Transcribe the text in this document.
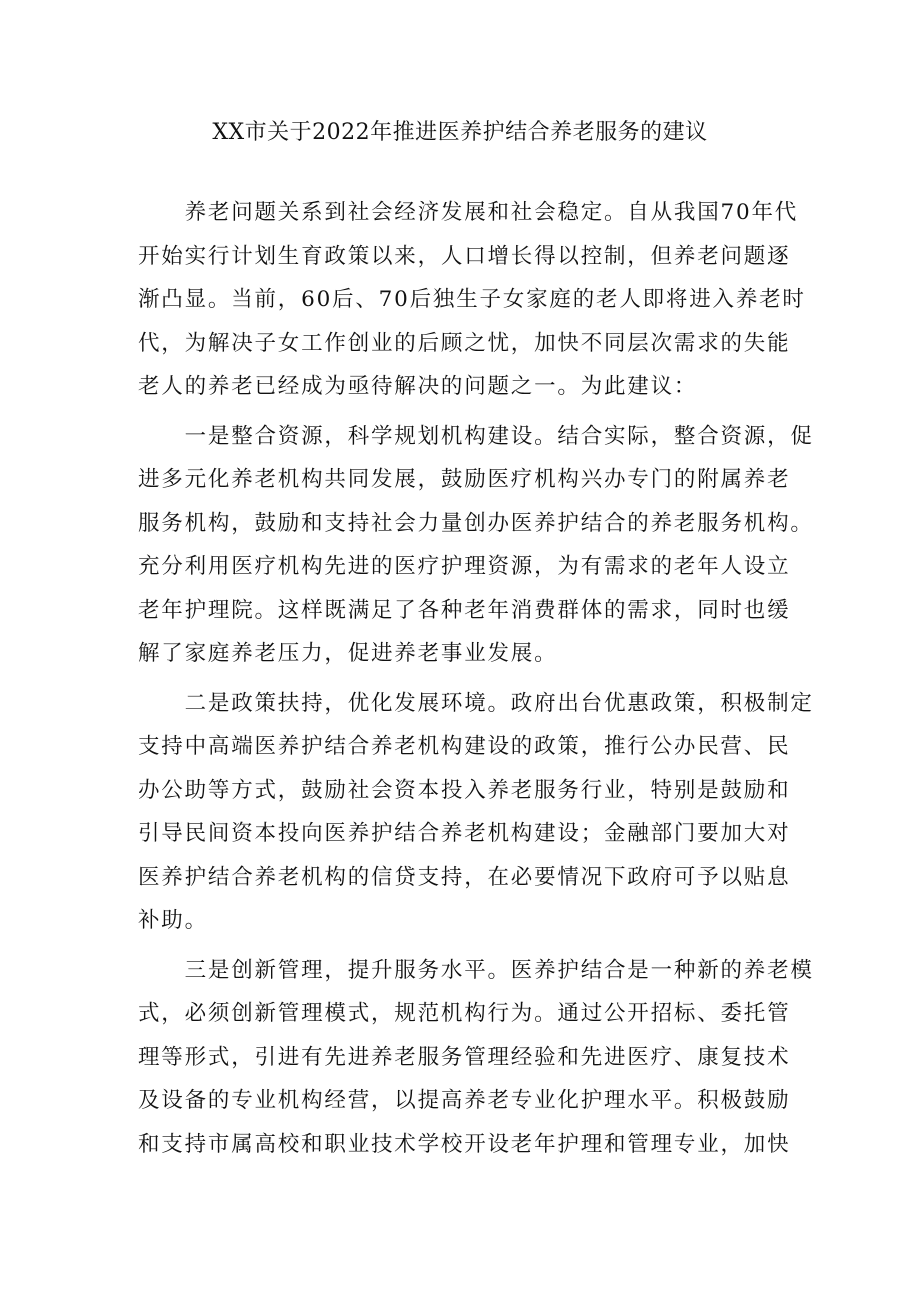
XX市关于2022年推进医养护结合养老服务的建议
　　养老问题关系到社会经济发展和社会稳定。自从我国70年代
开始实行计划生育政策以来，人口增长得以控制，但养老问题逐
渐凸显。当前，60后、70后独生子女家庭的老人即将进入养老时
代，为解决子女工作创业的后顾之忧，加快不同层次需求的失能
老人的养老已经成为亟待解决的问题之一。为此建议：
　　一是整合资源，科学规划机构建设。结合实际，整合资源，促
进多元化养老机构共同发展，鼓励医疗机构兴办专门的附属养老
服务机构，鼓励和支持社会力量创办医养护结合的养老服务机构。
充分利用医疗机构先进的医疗护理资源，为有需求的老年人设立
老年护理院。这样既满足了各种老年消费群体的需求，同时也缓
解了家庭养老压力，促进养老事业发展。
　　二是政策扶持，优化发展环境。政府出台优惠政策，积极制定
支持中高端医养护结合养老机构建设的政策，推行公办民营、民
办公助等方式，鼓励社会资本投入养老服务行业，特别是鼓励和
引导民间资本投向医养护结合养老机构建设；金融部门要加大对
医养护结合养老机构的信贷支持，在必要情况下政府可予以贴息
补助。
　　三是创新管理，提升服务水平。医养护结合是一种新的养老模
式，必须创新管理模式，规范机构行为。通过公开招标、委托管
理等形式，引进有先进养老服务管理经验和先进医疗、康复技术
及设备的专业机构经营，以提高养老专业化护理水平。积极鼓励
和支持市属高校和职业技术学校开设老年护理和管理专业，加快
